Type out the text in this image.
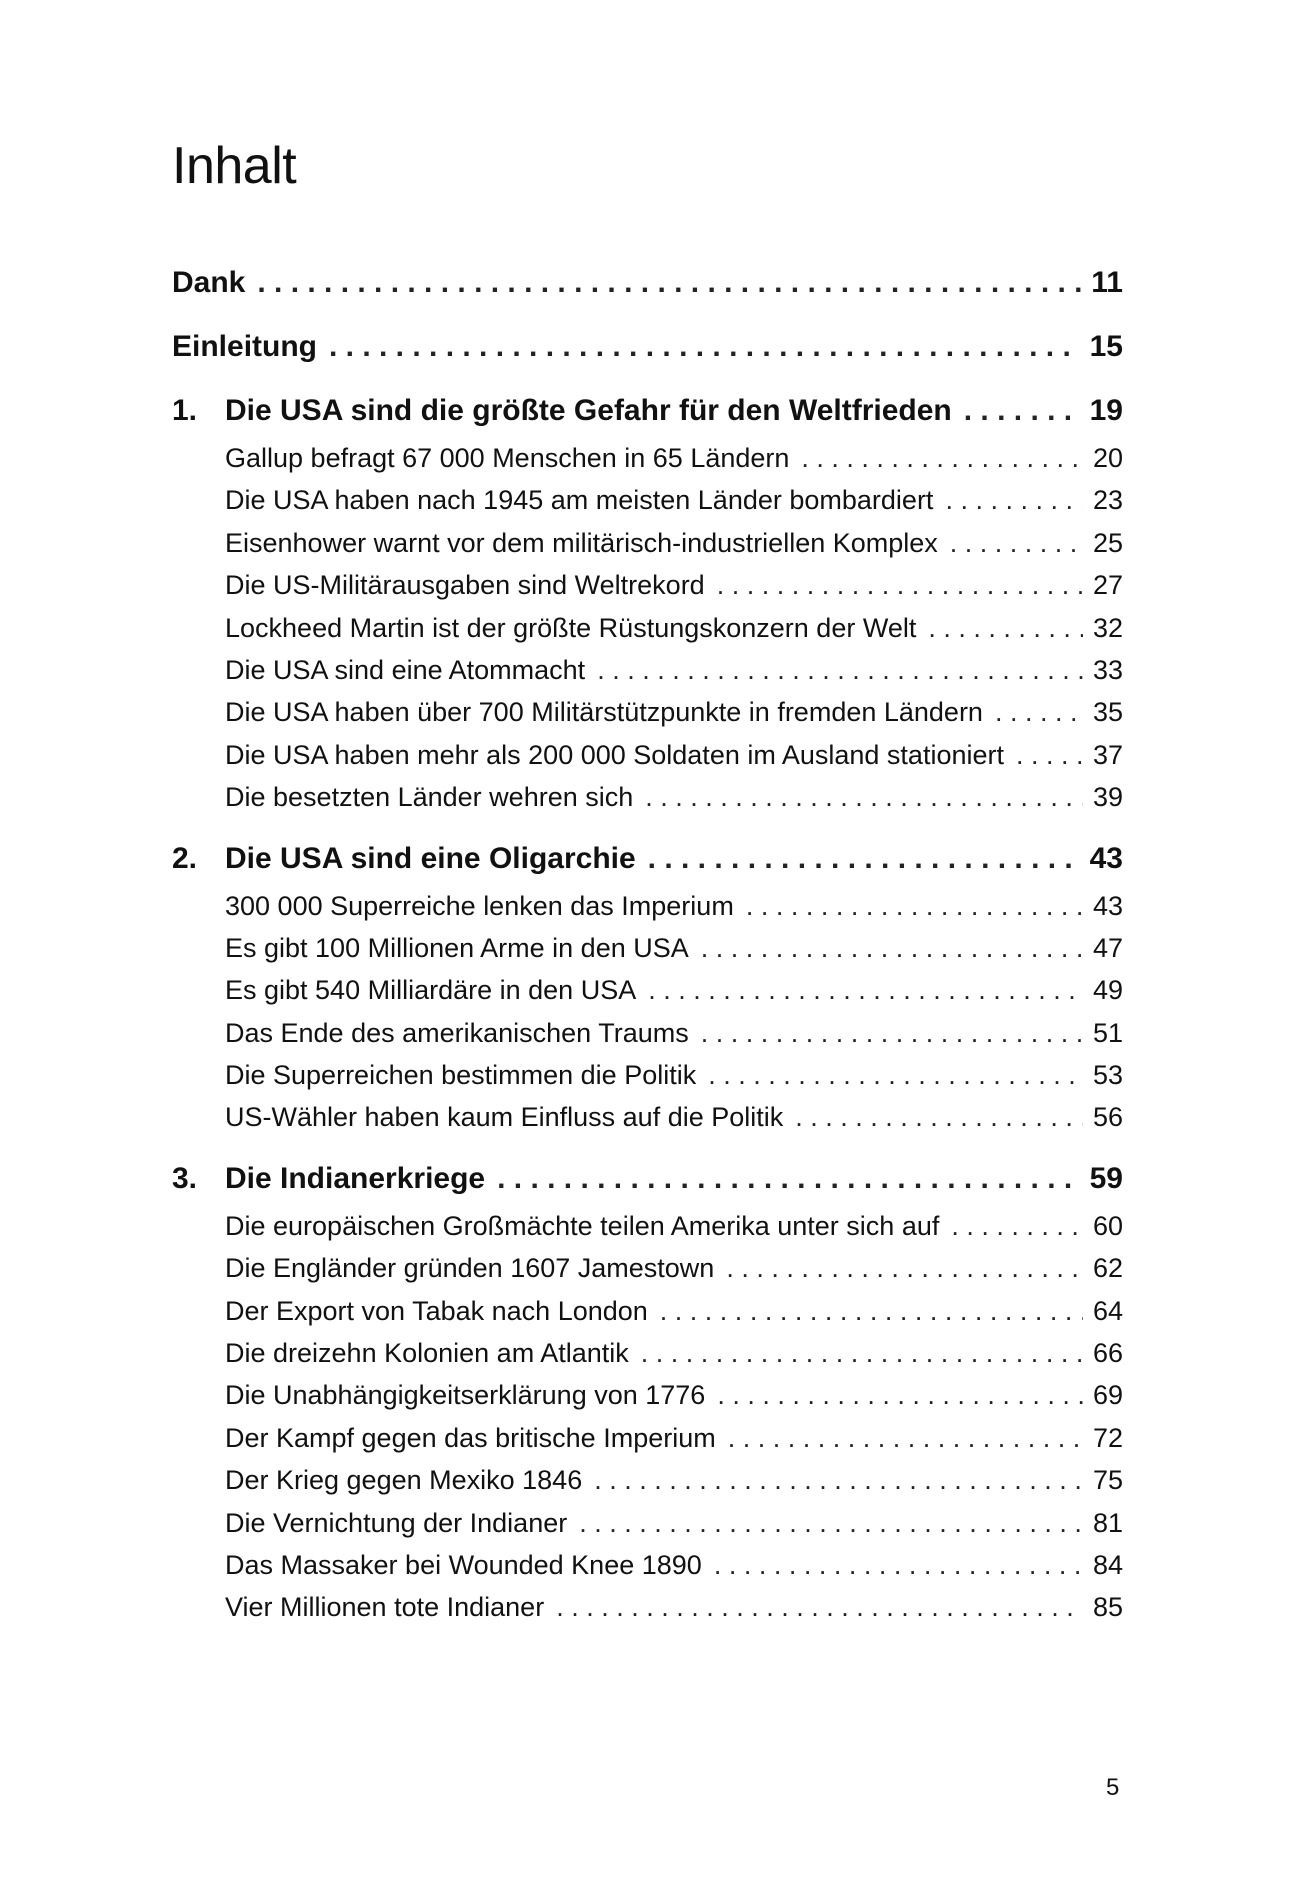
Inhalt
Dank . . .	11
Einleitung . . .	15
1. Die USA sind die größte Gefahr für den Weltfrieden . . .	19
Gallup befragt 67 000 Menschen in 65 Ländern . . .	20
Die USA haben nach 1945 am meisten Länder bombardiert . . .	23
Eisenhower warnt vor dem militärisch-industriellen Komplex . . .	25
Die US-Militärausgaben sind Weltrekord . . .	27
Lockheed Martin ist der größte Rüstungskonzern der Welt . . .	32
Die USA sind eine Atommacht . . .	33
Die USA haben über 700 Militärstützpunkte in fremden Ländern . . .	35
Die USA haben mehr als 200 000 Soldaten im Ausland stationiert . . .	37
Die besetzten Länder wehren sich . . .	39
2. Die USA sind eine Oligarchie . . .	43
300 000 Superreiche lenken das Imperium . . .	43
Es gibt 100 Millionen Arme in den USA . . .	47
Es gibt 540 Milliardäre in den USA . . .	49
Das Ende des amerikanischen Traums . . .	51
Die Superreichen bestimmen die Politik . . .	53
US-Wähler haben kaum Einfluss auf die Politik . . .	56
3. Die Indianerkriege . . .	59
Die europäischen Großmächte teilen Amerika unter sich auf . . .	60
Die Engländer gründen 1607 Jamestown . . .	62
Der Export von Tabak nach London . . .	64
Die dreizehn Kolonien am Atlantik . . .	66
Die Unabhängigkeitserklärung von 1776 . . .	69
Der Kampf gegen das britische Imperium . . .	72
Der Krieg gegen Mexiko 1846 . . .	75
Die Vernichtung der Indianer . . .	81
Das Massaker bei Wounded Knee 1890 . . .	84
Vier Millionen tote Indianer . . .	85
5
